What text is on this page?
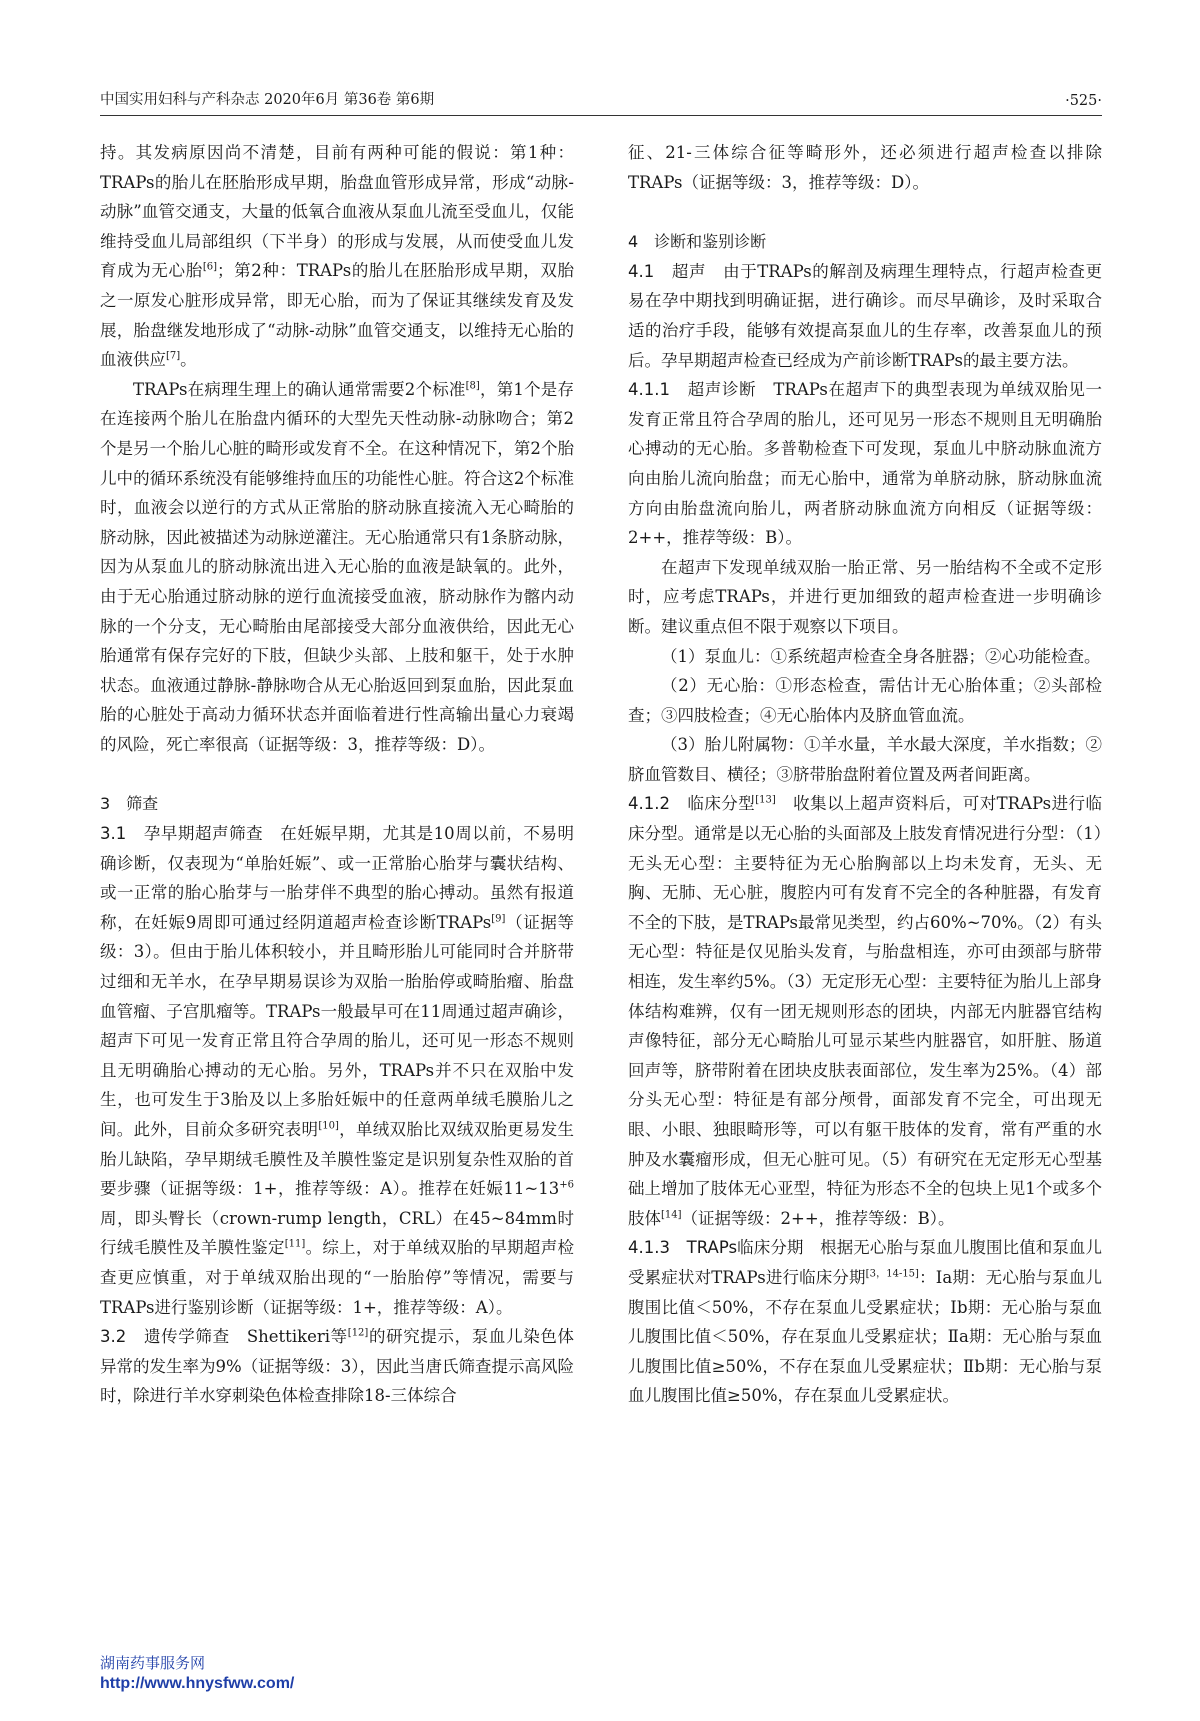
中国实用妇科与产科杂志 2020年6月 第36卷 第6期	·525·

持。其发病原因尚不清楚，目前有两种可能的假说：第1种：TRAPs的胎儿在胚胎形成早期，胎盘血管形成异常，形成“动脉-动脉”血管交通支，大量的低氧合血液从泵血儿流至受血儿，仅能维持受血儿局部组织（下半身）的形成与发展，从而使受血儿发育成为无心胎[6]；第2种：TRAPs的胎儿在胚胎形成早期，双胎之一原发心脏形成异常，即无心胎，而为了保证其继续发育及发展，胎盘继发地形成了“动脉-动脉”血管交通支，以维持无心胎的血液供应[7]。

TRAPs在病理生理上的确认通常需要2个标准[8]，第1个是存在连接两个胎儿在胎盘内循环的大型先天性动脉-动脉吻合；第2个是另一个胎儿心脏的畸形或发育不全。在这种情况下，第2个胎儿中的循环系统没有能够维持血压的功能性心脏。符合这2个标准时，血液会以逆行的方式从正常胎的脐动脉直接流入无心畸胎的脐动脉，因此被描述为动脉逆灌注。无心胎通常只有1条脐动脉，因为从泵血儿的脐动脉流出进入无心胎的血液是缺氧的。此外，由于无心胎通过脐动脉的逆行血流接受血液，脐动脉作为髂内动脉的一个分支，无心畸胎由尾部接受大部分血液供给，因此无心胎通常有保存完好的下肢，但缺少头部、上肢和躯干，处于水肿状态。血液通过静脉-静脉吻合从无心胎返回到泵血胎，因此泵血胎的心脏处于高动力循环状态并面临着进行性高输出量心力衰竭的风险，死亡率很高（证据等级：3，推荐等级：D）。

3　筛查

3.1　孕早期超声筛查　在妊娠早期，尤其是10周以前，不易明确诊断，仅表现为“单胎妊娠”、或一正常胎心胎芽与囊状结构、或一正常的胎心胎芽与一胎芽伴不典型的胎心搏动。虽然有报道称，在妊娠9周即可通过经阴道超声检查诊断TRAPs[9]（证据等级：3）。但由于胎儿体积较小，并且畸形胎儿可能同时合并脐带过细和无羊水，在孕早期易误诊为双胎一胎胎停或畸胎瘤、胎盘血管瘤、子宫肌瘤等。TRAPs一般最早可在11周通过超声确诊，超声下可见一发育正常且符合孕周的胎儿，还可见一形态不规则且无明确胎心搏动的无心胎。另外，TRAPs并不只在双胎中发生，也可发生于3胎及以上多胎妊娠中的任意两单绒毛膜胎儿之间。此外，目前众多研究表明[10]，单绒双胎比双绒双胎更易发生胎儿缺陷，孕早期绒毛膜性及羊膜性鉴定是识别复杂性双胎的首要步骤（证据等级：1+，推荐等级：A）。推荐在妊娠$11\sim 13^{+6}$周，即头臀长（crown-rump length，CRL）在45~84mm时行绒毛膜性及羊膜性鉴定[11]。综上，对于单绒双胎的早期超声检查更应慎重，对于单绒双胎出现的“一胎胎停”等情况，需要与TRAPs进行鉴别诊断（证据等级：1+，推荐等级：A）。

3.2　遗传学筛查　Shettikeri等[12]的研究提示，泵血儿染色体异常的发生率为9%（证据等级：3），因此当唐氏筛查提示高风险时，除进行羊水穿刺染色体检查排除18-三体综合

征、21-三体综合征等畸形外，还必须进行超声检查以排除TRAPs（证据等级：3，推荐等级：D）。

4　诊断和鉴别诊断

4.1　超声　由于TRAPs的解剖及病理生理特点，行超声检查更易在孕中期找到明确证据，进行确诊。而尽早确诊，及时采取合适的治疗手段，能够有效提高泵血儿的生存率，改善泵血儿的预后。孕早期超声检查已经成为产前诊断TRAPs的最主要方法。

4.1.1　超声诊断　TRAPs在超声下的典型表现为单绒双胎见一发育正常且符合孕周的胎儿，还可见另一形态不规则且无明确胎心搏动的无心胎。多普勒检查下可发现，泵血儿中脐动脉血流方向由胎儿流向胎盘；而无心胎中，通常为单脐动脉，脐动脉血流方向由胎盘流向胎儿，两者脐动脉血流方向相反（证据等级：2++，推荐等级：B）。

在超声下发现单绒双胎一胎正常、另一胎结构不全或不定形时，应考虑TRAPs，并进行更加细致的超声检查进一步明确诊断。建议重点但不限于观察以下项目。

（1）泵血儿：①系统超声检查全身各脏器；②心功能检查。

（2）无心胎：①形态检查，需估计无心胎体重；②头部检查；③四肢检查；④无心胎体内及脐血管血流。

（3）胎儿附属物：①羊水量，羊水最大深度，羊水指数；②脐血管数目、横径；③脐带胎盘附着位置及两者间距离。

4.1.2　临床分型[13]　收集以上超声资料后，可对TRAPs进行临床分型。通常是以无心胎的头面部及上肢发育情况进行分型：（1）无头无心型：主要特征为无心胎胸部以上均未发育，无头、无胸、无肺、无心脏，腹腔内可有发育不完全的各种脏器，有发育不全的下肢，是TRAPs最常见类型，约占60%~70%。（2）有头无心型：特征是仅见胎头发育，与胎盘相连，亦可由颈部与脐带相连，发生率约5%。（3）无定形无心型：主要特征为胎儿上部身体结构难辨，仅有一团无规则形态的团块，内部无内脏器官结构声像特征，部分无心畸胎儿可显示某些内脏器官，如肝脏、肠道回声等，脐带附着在团块皮肤表面部位，发生率为25%。（4）部分头无心型：特征是有部分颅骨，面部发育不完全，可出现无眼、小眼、独眼畸形等，可以有躯干肢体的发育，常有严重的水肿及水囊瘤形成，但无心脏可见。（5）有研究在无定形无心型基础上增加了肢体无心亚型，特征为形态不全的包块上见1个或多个肢体[14]（证据等级：2++，推荐等级：B）。

4.1.3　TRAPs临床分期　根据无心胎与泵血儿腹围比值和泵血儿受累症状对TRAPs进行临床分期[3，14-15]：Ⅰa期：无心胎与泵血儿腹围比值＜50%，不存在泵血儿受累症状；Ⅰb期：无心胎与泵血儿腹围比值＜50%，存在泵血儿受累症状；Ⅱa期：无心胎与泵血儿腹围比值≥50%，不存在泵血儿受累症状；Ⅱb期：无心胎与泵血儿腹围比值≥50%，存在泵血儿受累症状。

湖南药事服务网
http://www.hnysfww.com/
